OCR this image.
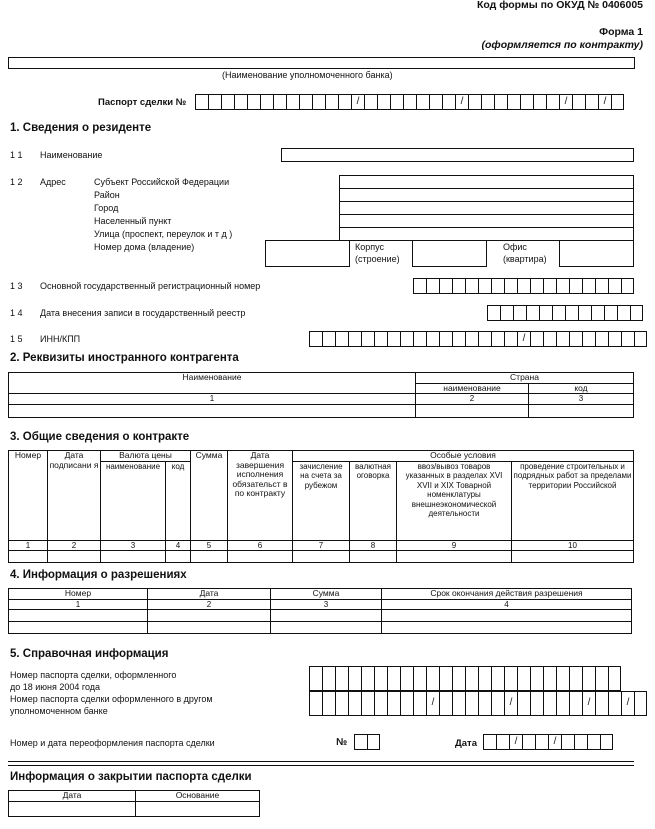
Код формы по ОКУД № 0406005
Форма 1
(оформляется по контракту)
(Наименование уполномоченного банка)
Паспорт сделки №	/	/	/	/
1. Сведения о резиденте
1 1 Наименование
1 2 Адрес	Субъект Российской Федерации
Район
Город
Населенный пункт
Улица (проспект, переулок и т д )
Номер дома (владение)	Корпус
(строение)
Офис
(квартира)
1 3 Основной государственный регистрационный номер
1 4 Дата внесения записи в государственный реестр
1 5 ИНН/КПП	/
2. Реквизиты иностранного контрагента
Наименование	Страна	
	наименование	код
1	2	3

3. Общие сведения о контракте
Номер	Дата подписани я	Валюта цены		Сумма	Дата завершения исполнения обязательст в по контракту	Особые условия			
		наименование	код			зачисление на счета за рубежом	валютная оговорка	ввоз/вывоз товаров указанных в разделах XVI XVII и XIX Товарной номенклатуры внешнеэкономической деятельности	проведение строительных и подрядных работ за пределами территории Российской
1	2	3	4	5	6	7	8	9	10

4. Информация о разрешениях
Номер	Дата	Сумма	Срок окончания действия разрешения
1	2	3	4

5. Справочная информация
Номер паспорта сделки, оформленного
до 18 июня 2004 года
Номер паспорта сделки оформленного в другом
уполномоченном банке
/	/	/	/
Номер и дата переоформления паспорта сделки	№	Дата	/	/
Информация о закрытии паспорта сделки
Дата	Основание
